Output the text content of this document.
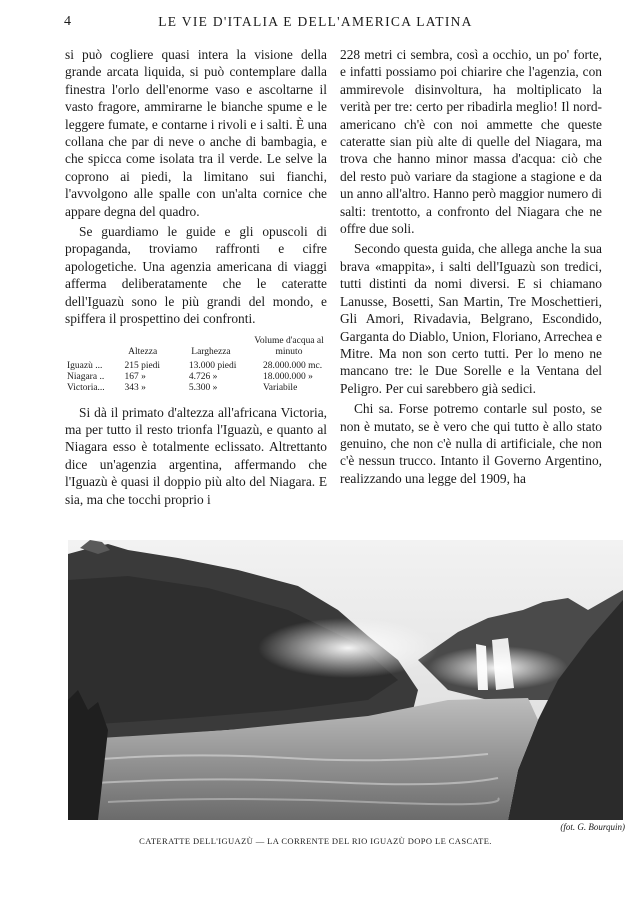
4	LE VIE D'ITALIA E DELL'AMERICA LATINA

si può cogliere quasi intera la visione della grande arcata liquida, si può contemplare dalla finestra l'orlo dell'enorme vaso e ascoltarne il vasto fragore, ammirarne le bianche spume e le leggere fumate, e contarne i rivoli e i salti. È una collana che par di neve o anche di bambagia, e che spicca come isolata tra il verde. Le selve la coprono ai piedi, la limitano sui fianchi, l'avvolgono alle spalle con un'alta cornice che appare degna del quadro.

Se guardiamo le guide e gli opuscoli di propaganda, troviamo raffronti e cifre apologetiche. Una agenzia americana di viaggi afferma deliberatamente che le cateratte dell'Iguazù sono le più grandi del mondo, e spiffera il prospettino dei confronti.

	Altezza	Larghezza	Volume d'acqua al minuto
Iguazù ...	215 piedi	13.000 piedi	28.000.000 mc.
Niagara ..	167 »	4.726 »	18.000.000 »
Victoria...	343 »	5.300 »	Variabile

Si dà il primato d'altezza all'africana Victoria, ma per tutto il resto trionfa l'Iguazù, e quanto al Niagara esso è totalmente eclissato. Altrettanto dice un'agenzia argentina, affermando che l'Iguazù è quasi il doppio più alto del Niagara. E sia, ma che tocchi proprio i

228 metri ci sembra, così a occhio, un po' forte, e infatti possiamo poi chiarire che l'agenzia, con ammirevole disinvoltura, ha moltiplicato la verità per tre: certo per ribadirla meglio! Il nord-americano ch'è con noi ammette che queste cateratte sian più alte di quelle del Niagara, ma trova che hanno minor massa d'acqua: ciò che del resto può variare da stagione a stagione e da un anno all'altro. Hanno però maggior numero di salti: trentotto, a confronto del Niagara che ne offre due soli.

Secondo questa guida, che allega anche la sua brava «mappita», i salti dell'Iguazù son tredici, tutti distinti da nomi diversi. E si chiamano Lanusse, Bosetti, San Martin, Tre Moschettieri, Gli Amori, Rivadavia, Belgrano, Escondido, Garganta do Diablo, Union, Floriano, Arrechea e Mitre. Ma non son certo tutti. Per lo meno ne mancano tre: le Due Sorelle e la Ventana del Peligro. Per cui sarebbero già sedici.

Chi sa. Forse potremo contarle sul posto, se non è mutato, se è vero che qui tutto è allo stato genuino, che non c'è nulla di artificiale, che non c'è nessun trucco. Intanto il Governo Argentino, realizzando una legge del 1909, ha

(fot. G. Bourquin)
CATERATTE DELL'IGUAZÙ — LA CORRENTE DEL RIO IGUAZÙ DOPO LE CASCATE.
